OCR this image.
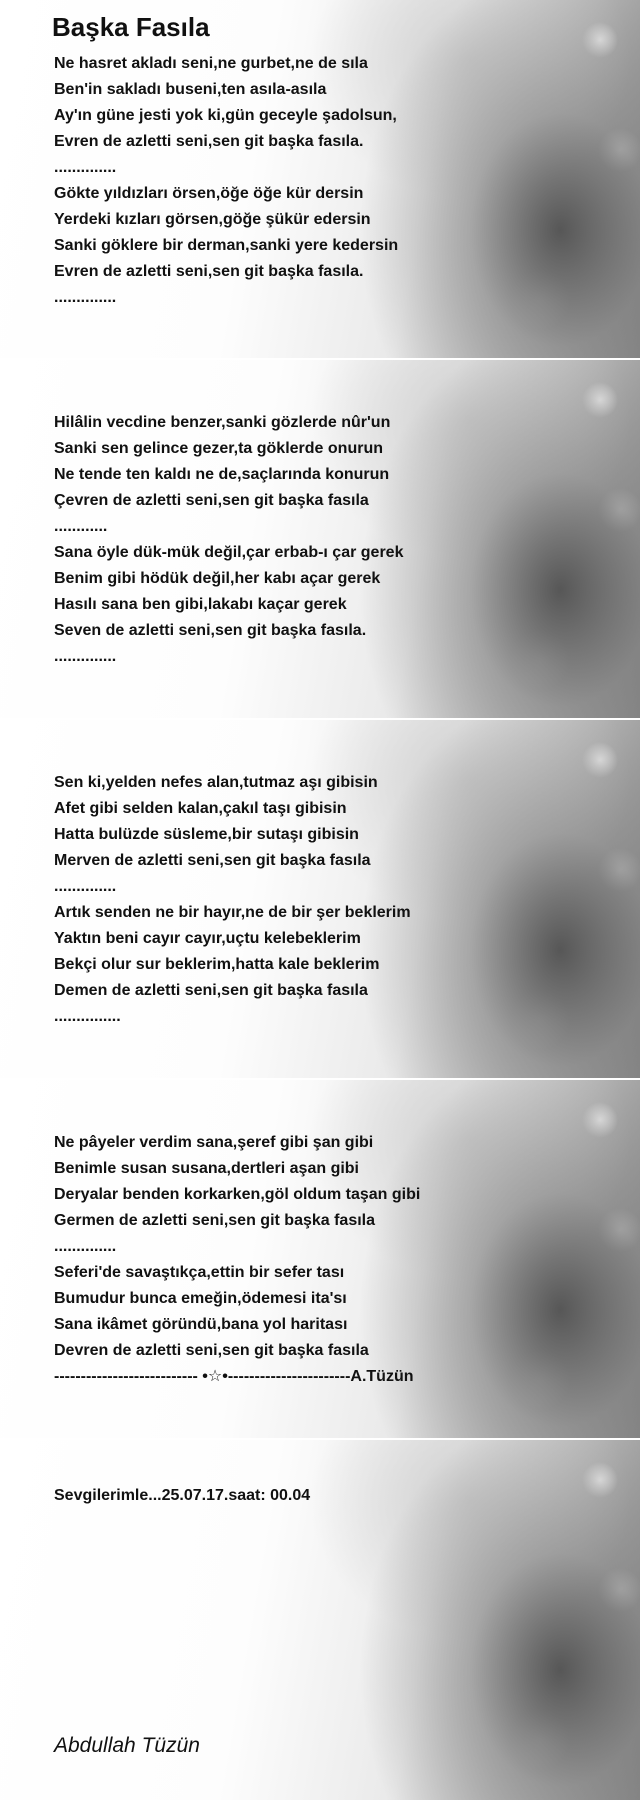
Başka Fasıla
Ne hasret akladı seni,ne gurbet,ne de sıla
Ben'in sakladı buseni,ten asıla-asıla
Ay'ın güne jesti yok ki,gün geceyle şadolsun,
Evren de azletti seni,sen git başka fasıla.
..............
Gökte yıldızları örsen,öğe öğe kür dersin
Yerdeki kızları görsen,göğe şükür edersin
Sanki göklere bir derman,sanki yere kedersin
Evren de azletti seni,sen git başka fasıla.
..............
Hilâlin vecdine benzer,sanki gözlerde nûr'un
Sanki sen gelince gezer,ta göklerde onurun
Ne tende ten kaldı ne de,saçlarında konurun
Çevren de azletti seni,sen git başka fasıla
............
Sana öyle dük-mük değil,çar erbab-ı çar gerek
Benim gibi hödük değil,her kabı açar gerek
Hasılı sana ben gibi,lakabı kaçar gerek
Seven de azletti seni,sen git başka fasıla.
..............
Sen ki,yelden nefes alan,tutmaz aşı gibisin
Afet gibi selden kalan,çakıl taşı gibisin
Hatta bulüzde süsleme,bir sutaşı gibisin
Merven de azletti seni,sen git başka fasıla
..............
Artık senden ne bir hayır,ne de bir şer beklerim
Yaktın beni cayır cayır,uçtu kelebeklerim
Bekçi olur sur beklerim,hatta kale beklerim
Demen de azletti seni,sen git başka fasıla
...............
Ne pâyeler verdim sana,şeref gibi şan gibi
Benimle susan susana,dertleri aşan gibi
Deryalar benden korkarken,göl oldum taşan gibi
Germen de azletti seni,sen git başka fasıla
..............
Seferi'de savaştıkça,ettin bir sefer tası
Bumudur bunca emeğin,ödemesi ita'sı
Sana ikâmet göründü,bana yol haritası
Devren de azletti seni,sen git başka fasıla
--------------------------- •☆•-----------------------A.Tüzün
Sevgilerimle...25.07.17.saat: 00.04
Abdullah Tüzün
